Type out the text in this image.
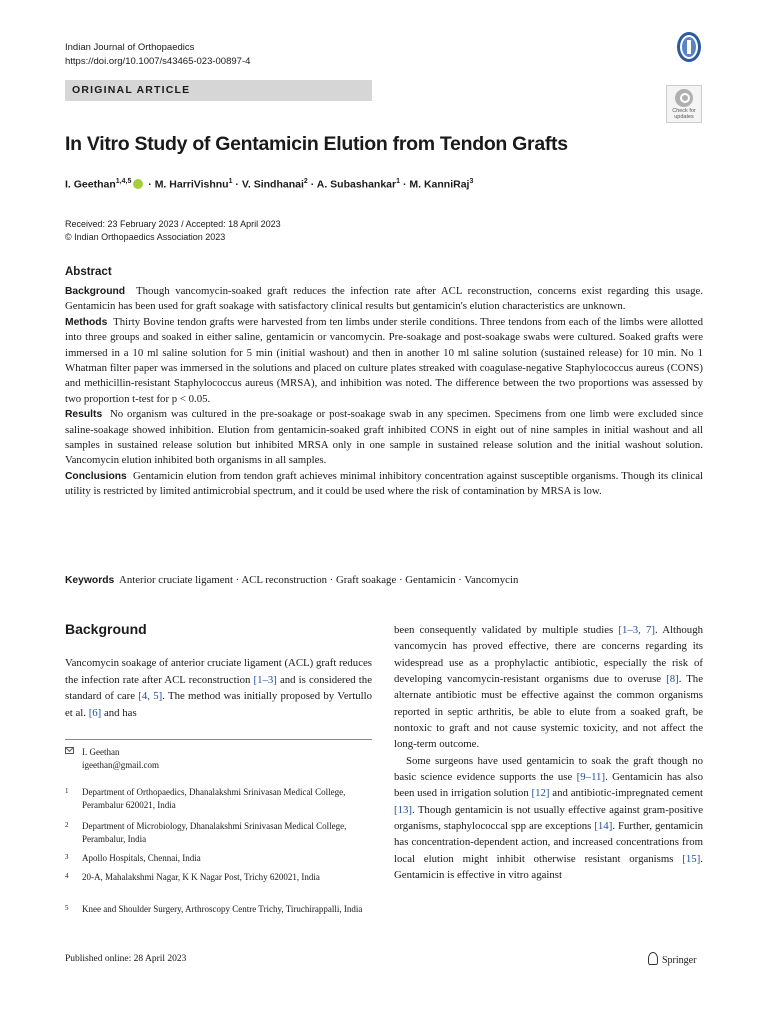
Indian Journal of Orthopaedics
https://doi.org/10.1007/s43465-023-00897-4
ORIGINAL ARTICLE
Check for
updates
In Vitro Study of Gentamicin Elution from Tendon Grafts
I. Geethan$^{1,4,5}$ · M. HarriVishnu$^1$ · V. Sindhanai$^2$ · A. Subashankar$^1$ · M. KanniRaj$^3$
Received: 23 February 2023 / Accepted: 18 April 2023
© Indian Orthopaedics Association 2023
Abstract

Background Though vancomycin-soaked graft reduces the infection rate after ACL reconstruction, concerns exist regarding this usage. Gentamicin has been used for graft soakage with satisfactory clinical results but gentamicin's elution characteristics are unknown.

Methods Thirty Bovine tendon grafts were harvested from ten limbs under sterile conditions. Three tendons from each of the limbs were allotted into three groups and soaked in either saline, gentamicin or vancomycin. Pre-soakage and post-soakage swabs were cultured. Soaked grafts were immersed in a 10 ml saline solution for 5 min (initial washout) and then in another 10 ml saline solution (sustained release) for 10 min. No 1 Whatman filter paper was immersed in the solutions and placed on culture plates streaked with coagulase-negative Staphylococcus aureus (CONS) and methicillin-resistant Staphylococcus aureus (MRSA), and inhibition was noted. The difference between the two proportions was assessed by two proportion t-test for p < 0.05.

Results No organism was cultured in the pre-soakage or post-soakage swab in any specimen. Specimens from one limb were excluded since saline-soakage showed inhibition. Elution from gentamicin-soaked graft inhibited CONS in eight out of nine samples in initial washout and all samples in sustained release solution but inhibited MRSA only in one sample in sustained release solution and the initial washout solution. Vancomycin elution inhibited both organisms in all samples.

Conclusions Gentamicin elution from tendon graft achieves minimal inhibitory concentration against susceptible organisms. Though its clinical utility is restricted by limited antimicrobial spectrum, and it could be used where the risk of contamination by MRSA is low.

Keywords Anterior cruciate ligament · ACL reconstruction · Graft soakage · Gentamicin · Vancomycin
Background
Vancomycin soakage of anterior cruciate ligament (ACL) graft reduces the infection rate after ACL reconstruction [1–3] and is considered the standard of care [4, 5]. The method was initially proposed by Vertullo et al. [6] and has

been consequently validated by multiple studies [1–3, 7]. Although vancomycin has proved effective, there are concerns regarding its widespread use as a prophylactic antibiotic, especially the risk of developing vancomycin-resistant organisms due to overuse [8]. The alternate antibiotic must be effective against the common organisms reported in septic arthritis, be able to elute from a soaked graft, be nontoxic to graft and not cause systemic toxicity, and not affect the long-term outcome.

Some surgeons have used gentamicin to soak the graft though no basic science evidence supports the use [9–11]. Gentamicin has also been used in irrigation solution [12] and antibiotic-impregnated cement [13]. Though gentamicin is not usually effective against gram-positive organisms, staphylococcal spp are exceptions [14]. Further, gentamicin has concentration-dependent action, and increased concentrations from local elution might inhibit otherwise resistant organisms [15]. Gentamicin is effective in vitro against

I. Geethan
igeethan@gmail.com
1 Department of Orthopaedics, Dhanalakshmi Srinivasan Medical College, Perambalur 620021, India
2 Department of Microbiology, Dhanalakshmi Srinivasan Medical College, Perambalur, India
3 Apollo Hospitals, Chennai, India
4 20-A, Mahalakshmi Nagar, K K Nagar Post, Trichy 620021, India
5 Knee and Shoulder Surgery, Arthroscopy Centre Trichy, Tiruchirappalli, India
Published online: 28 April 2023	Springer
